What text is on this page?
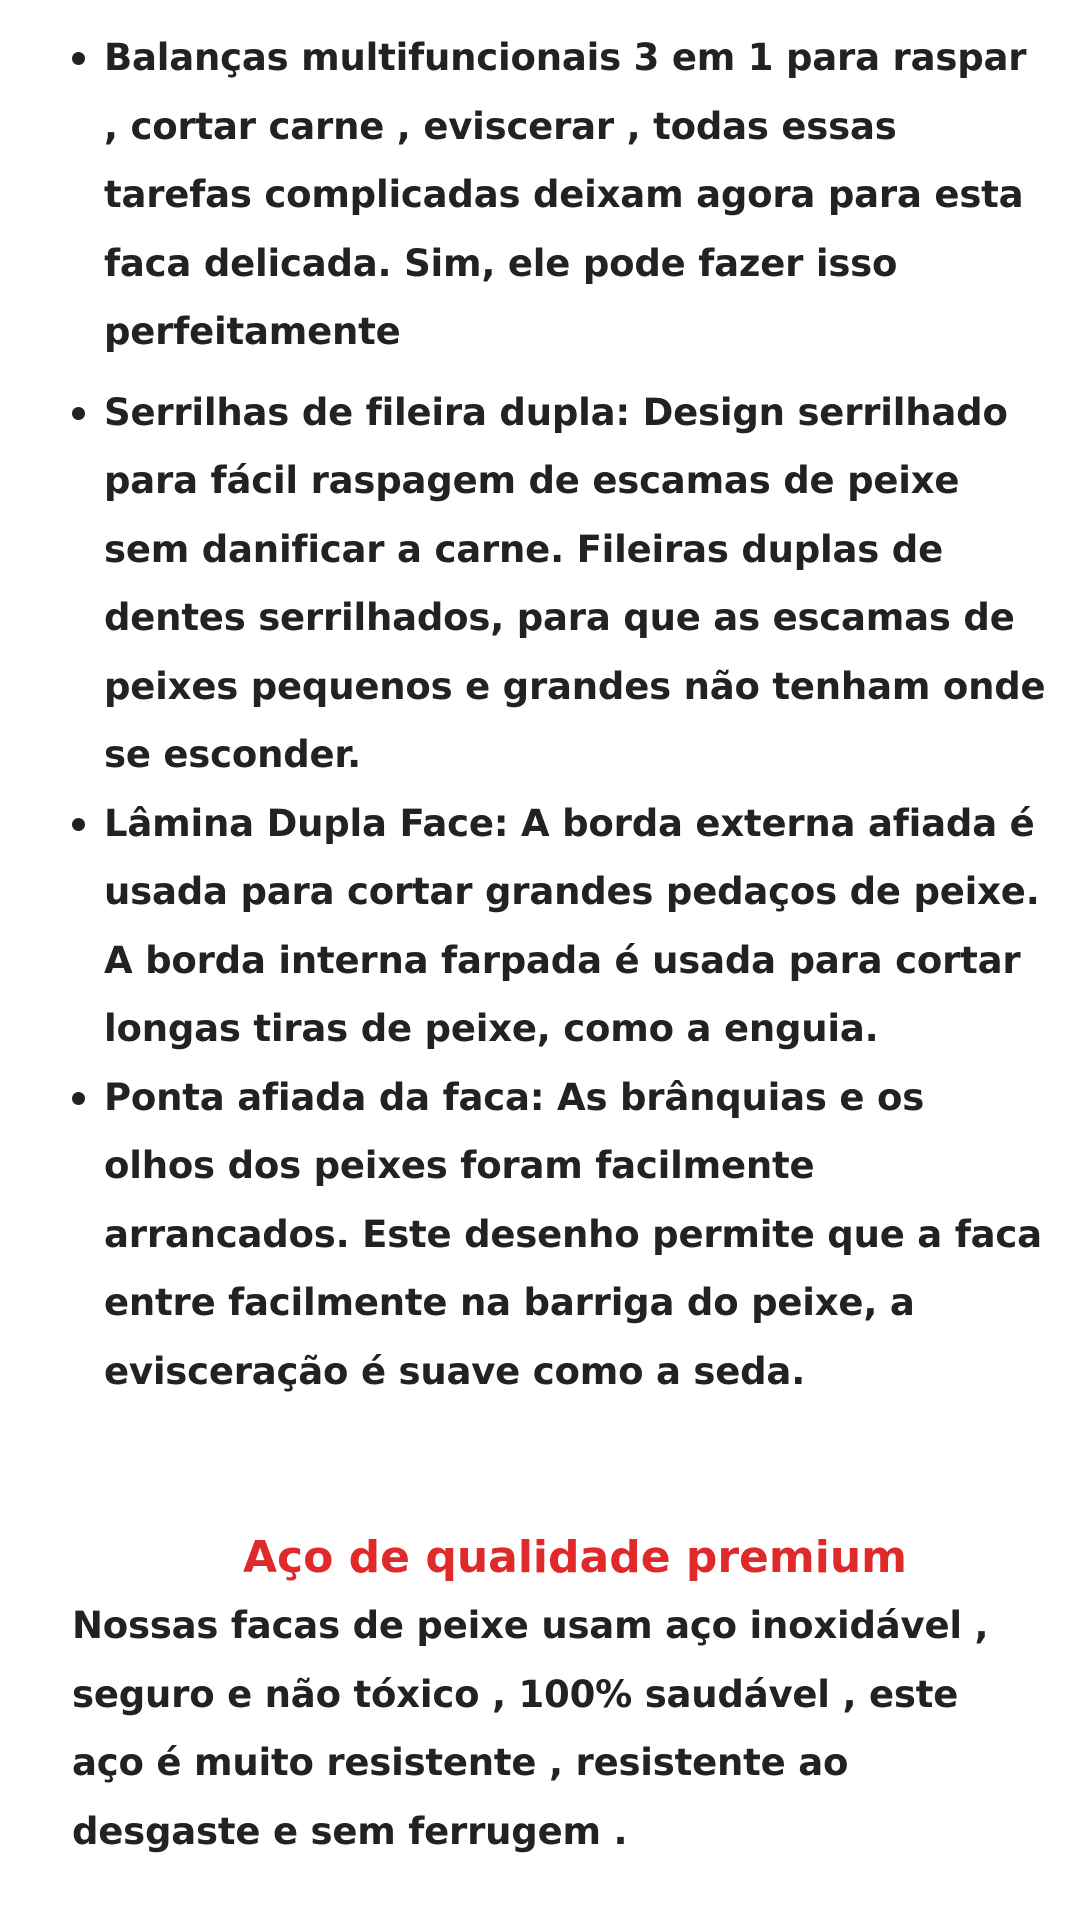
Balanças multifuncionais 3 em 1 para raspar , cortar carne , eviscerar , todas essas tarefas complicadas deixam agora para esta faca delicada. Sim, ele pode fazer isso perfeitamente
Serrilhas de fileira dupla: Design serrilhado para fácil raspagem de escamas de peixe sem danificar a carne. Fileiras duplas de dentes serrilhados, para que as escamas de peixes pequenos e grandes não tenham onde se esconder.
Lâmina Dupla Face: A borda externa afiada é usada para cortar grandes pedaços de peixe. A borda interna farpada é usada para cortar longas tiras de peixe, como a enguia.
Ponta afiada da faca: As brânquias e os olhos dos peixes foram facilmente arrancados. Este desenho permite que a faca entre facilmente na barriga do peixe, a evisceração é suave como a seda.
Aço de qualidade premium

Nossas facas de peixe usam aço inoxidável , seguro e não tóxico , 100% saudável , este aço é muito resistente , resistente ao desgaste e sem ferrugem .
